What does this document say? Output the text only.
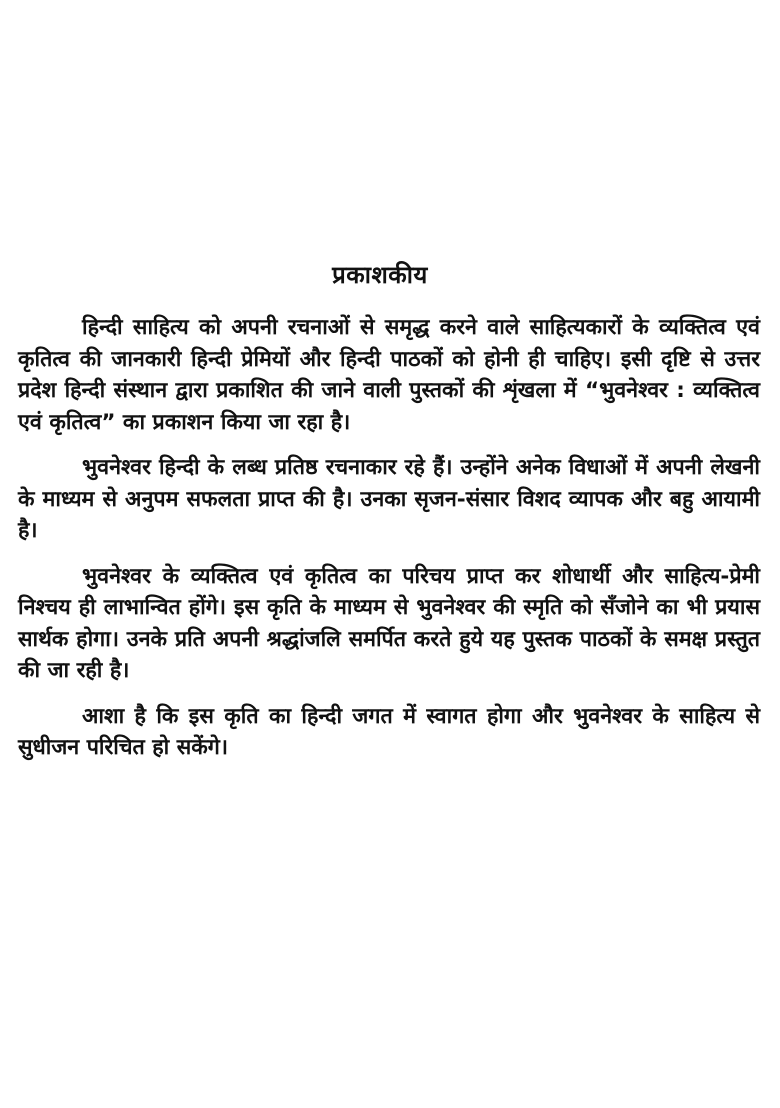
प्रकाशकीय

हिन्दी साहित्य को अपनी रचनाओं से समृद्ध करने वाले साहित्यकारों के व्यक्तित्व एवं कृतित्व की जानकारी हिन्दी प्रेमियों और हिन्दी पाठकों को होनी ही चाहिए। इसी दृष्टि से उत्तर प्रदेश हिन्दी संस्थान द्वारा प्रकाशित की जाने वाली पुस्तकों की शृंखला में “भुवनेश्वर : व्यक्तित्व एवं कृतित्व” का प्रकाशन किया जा रहा है।

भुवनेश्वर हिन्दी के लब्ध प्रतिष्ठ रचनाकार रहे हैं। उन्होंने अनेक विधाओं में अपनी लेखनी के माध्यम से अनुपम सफलता प्राप्त की है। उनका सृजन-संसार विशद व्यापक और बहु आयामी है।

भुवनेश्वर के व्यक्तित्व एवं कृतित्व का परिचय प्राप्त कर शोधार्थी और साहित्य-प्रेमी निश्चय ही लाभान्वित होंगे। इस कृति के माध्यम से भुवनेश्वर की स्मृति को सँजोने का भी प्रयास सार्थक होगा। उनके प्रति अपनी श्रद्धांजलि समर्पित करते हुये यह पुस्तक पाठकों के समक्ष प्रस्तुत की जा रही है।

आशा है कि इस कृति का हिन्दी जगत में स्वागत होगा और भुवनेश्वर के साहित्य से सुधीजन परिचित हो सकेंगे।
